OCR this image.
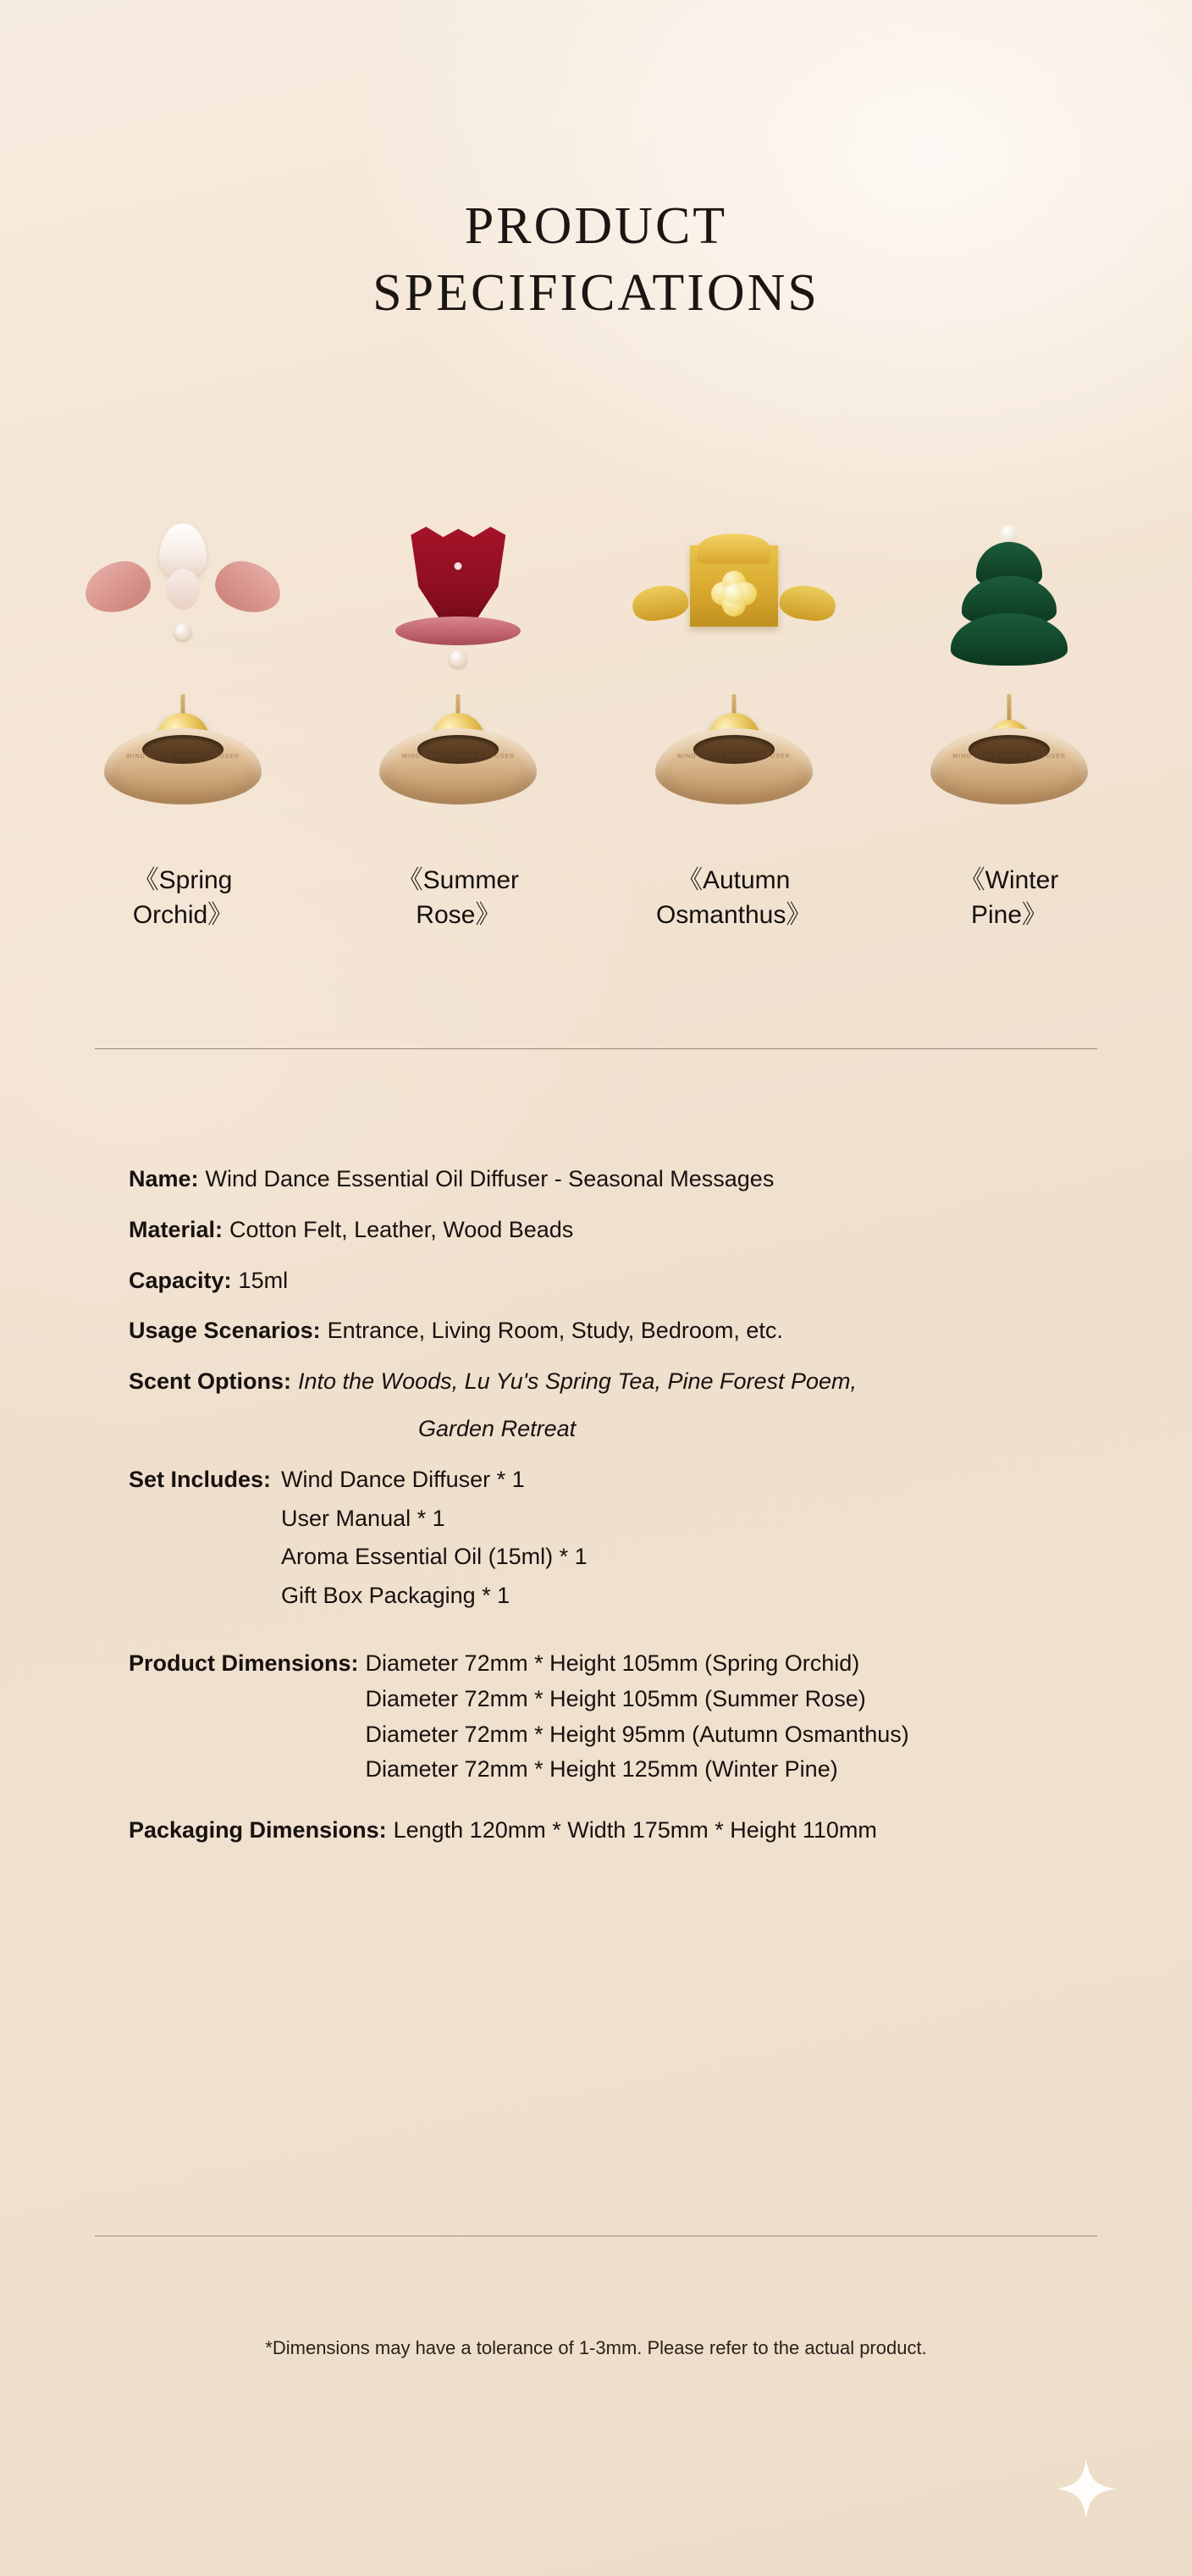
PRODUCT
SPECIFICATIONS
WIND DANCE AROMA DIFFUSER	WIND DANCE AROMA DIFFUSER	WIND DANCE AROMA DIFFUSER	WIND DANCE AROMA DIFFUSER
《Spring
Orchid》
《Summer
Rose》
《Autumn
Osmanthus》
《Winter
Pine》
Name: Wind Dance Essential Oil Diffuser - Seasonal Messages
Material: Cotton Felt, Leather, Wood Beads
Capacity: 15ml
Usage Scenarios: Entrance, Living Room, Study, Bedroom, etc.
Scent Options: Into the Woods, Lu Yu's Spring Tea, Pine Forest Poem,
Garden Retreat
Set Includes: Wind Dance Diffuser * 1
User Manual * 1
Aroma Essential Oil (15ml) * 1
Gift Box Packaging * 1
Product Dimensions: Diameter 72mm * Height 105mm (Spring Orchid)
Diameter 72mm * Height 105mm (Summer Rose)
Diameter 72mm * Height 95mm (Autumn Osmanthus)
Diameter 72mm * Height 125mm (Winter Pine)
Packaging Dimensions: Length 120mm * Width 175mm * Height 110mm
*Dimensions may have a tolerance of 1-3mm. Please refer to the actual product.
